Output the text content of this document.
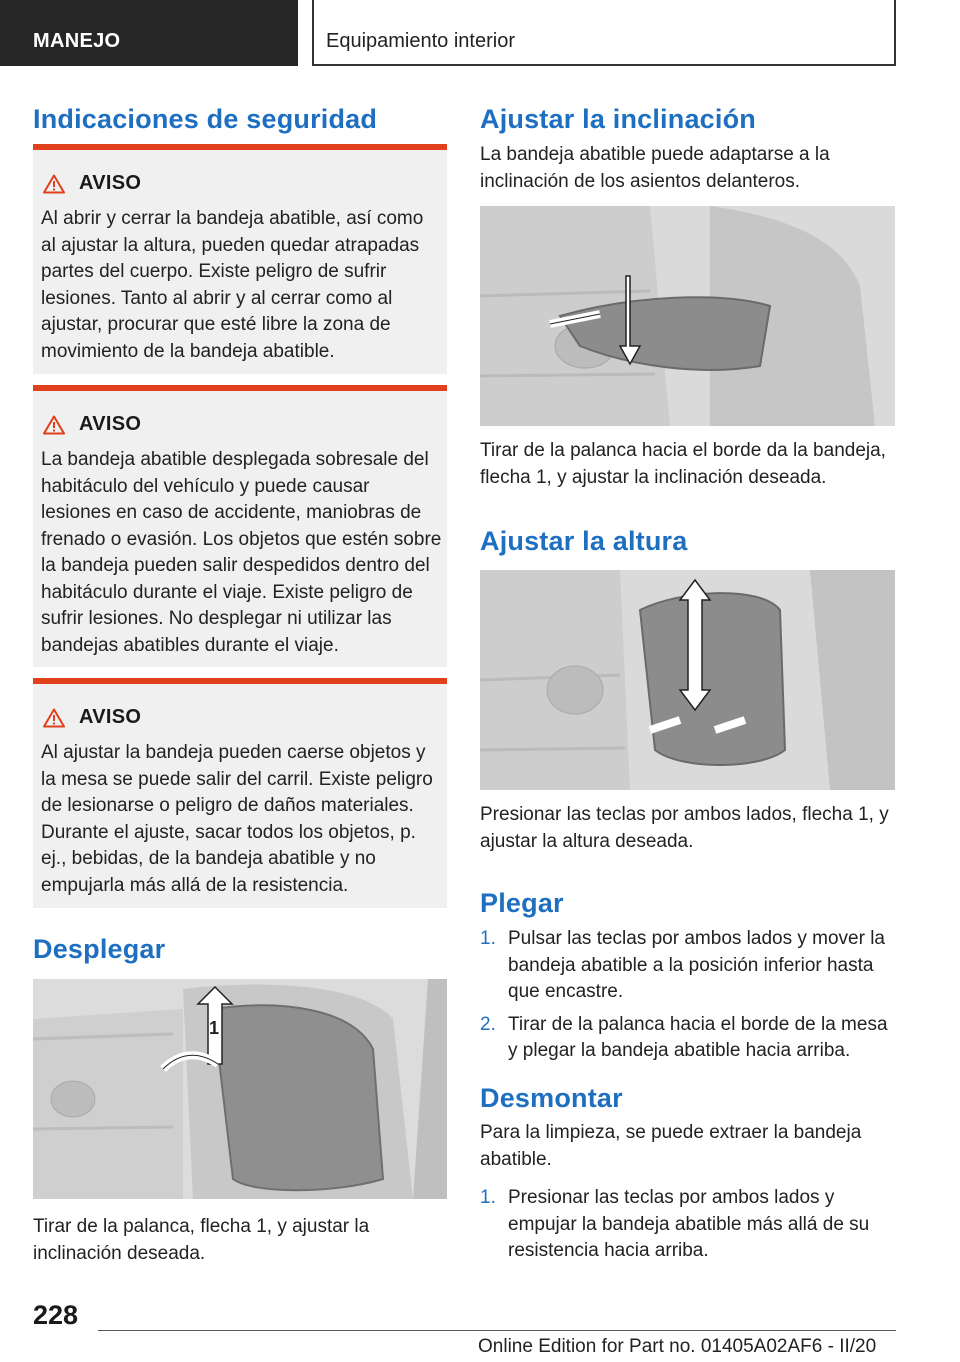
MANEJO	Equipamiento interior
Indicaciones de seguridad
AVISO
Al abrir y cerrar la bandeja abatible, así como al ajustar la altura, pueden quedar atrapadas partes del cuerpo. Existe peligro de sufrir lesiones. Tanto al abrir y al cerrar como al ajustar, procurar que esté libre la zona de movimiento de la bandeja abatible.
AVISO
La bandeja abatible desplegada sobresale del habitáculo del vehículo y puede causar lesiones en caso de accidente, maniobras de frenado o evasión. Los objetos que estén sobre la bandeja pueden salir despedidos dentro del habitáculo durante el viaje. Existe peligro de sufrir lesiones. No desplegar ni utilizar las bandejas abatibles durante el viaje.
AVISO
Al ajustar la bandeja pueden caerse objetos y la mesa se puede salir del carril. Existe peligro de lesionarse o peligro de daños materiales. Durante el ajuste, sacar todos los objetos, p. ej., bebidas, de la bandeja abatible y no empujarla más allá de la resistencia.
Desplegar
1
Tirar de la palanca, flecha 1, y ajustar la inclinación deseada.
Ajustar la inclinación
La bandeja abatible puede adaptarse a la inclinación de los asientos delanteros.
Tirar de la palanca hacia el borde da la bandeja, flecha 1, y ajustar la inclinación deseada.
Ajustar la altura
Presionar las teclas por ambos lados, flecha 1, y ajustar la altura deseada.
Plegar
1. Pulsar las teclas por ambos lados y mover la bandeja abatible a la posición inferior hasta que encastre.
2. Tirar de la palanca hacia el borde de la mesa y plegar la bandeja abatible hacia arriba.
Desmontar
Para la limpieza, se puede extraer la bandeja abatible.
1. Presionar las teclas por ambos lados y empujar la bandeja abatible más allá de su resistencia hacia arriba.
228
Online Edition for Part no. 01405A02AF6 - II/20
